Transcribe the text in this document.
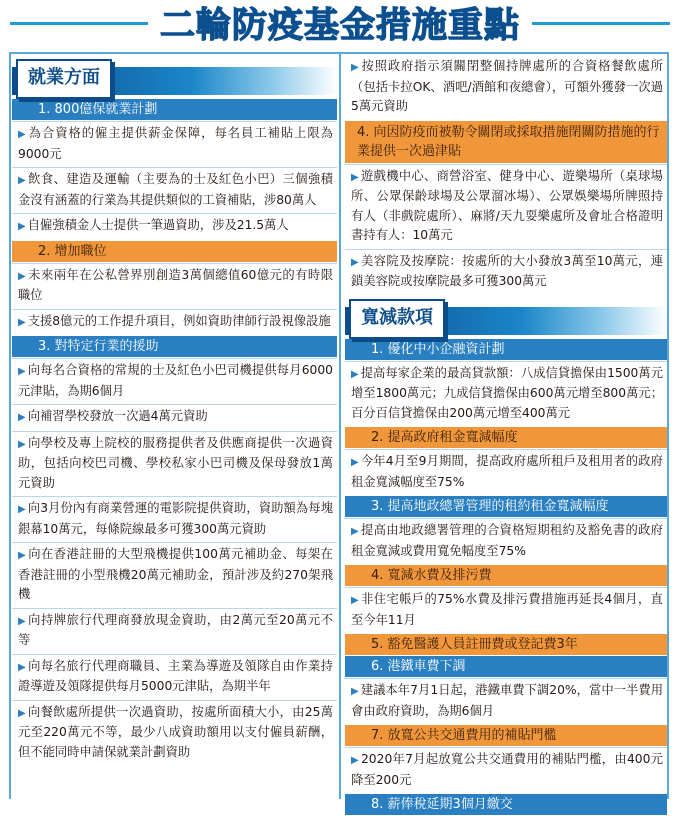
二輪防疫基金措施重點
就業方面
1. 800億保就業計劃
▶ 為合資格的僱主提供薪金保障，每名員工補貼上限為9000元
▶ 飲食、建造及運輸（主要為的士及紅色小巴）三個強積金沒有涵蓋的行業為其提供類似的工資補貼，涉80萬人
▶ 自僱強積金人士提供一筆過資助，涉及21.5萬人
2. 增加職位
▶ 未來兩年在公私營界別創造3萬個總值60億元的有時限職位
▶ 支援8億元的工作提升項目，例如資助律師行設視像設施
3. 對特定行業的援助
▶ 向每名合資格的常規的士及紅色小巴司機提供每月6000元津貼，為期6個月
▶ 向補習學校發放一次過4萬元資助
▶ 向學校及專上院校的服務提供者及供應商提供一次過資助，包括向校巴司機、學校私家小巴司機及保母發放1萬元資助
▶ 向3月份內有商業營運的電影院提供資助，資助額為每塊銀幕10萬元，每條院線最多可獲300萬元資助
▶ 向在香港註冊的大型飛機提供100萬元補助金、每架在香港註冊的小型飛機20萬元補助金，預計涉及約270架飛機
▶ 向持牌旅行代理商發放現金資助，由2萬元至20萬元不等
▶ 向每名旅行代理商職員、主業為導遊及領隊自由作業持證導遊及領隊提供每月5000元津貼，為期半年
▶ 向餐飲處所提供一次過資助，按處所面積大小，由25萬元至220萬元不等，最少八成資助額用以支付僱員薪酬，但不能同時申請保就業計劃資助
▶ 按照政府指示須關閉整個持牌處所的合資格餐飲處所（包括卡拉OK、酒吧/酒館和夜總會），可額外獲發一次過5萬元資助
4. 向因防疫而被勒令關閉或採取措施閉關防措施的行業提供一次過津貼
▶ 遊戲機中心、商營浴室、健身中心、遊樂場所（桌球場所、公眾保齡球場及公眾溜冰場）、公眾娛樂場所牌照持有人（非戲院處所）、麻將/天九耍樂處所及會址合格證明書持有人：10萬元
▶ 美容院及按摩院：按處所的大小發放3萬至10萬元，連鎖美容院或按摩院最多可獲300萬元
寬減款項
1. 優化中小企融資計劃
▶ 提高每家企業的最高貸款額：八成信貸擔保由1500萬元增至1800萬元；九成信貸擔保由600萬元增至800萬元；百分百信貸擔保由200萬元增至400萬元
2. 提高政府租金寬減幅度
▶ 今年4月至9月期間，提高政府處所租戶及租用者的政府租金寬減幅度至75%
3. 提高地政總署管理的租約租金寬減幅度
▶ 提高由地政總署管理的合資格短期租約及豁免書的政府租金寬減或費用寬免幅度至75%
4. 寬減水費及排污費
▶ 非住宅帳戶的75%水費及排污費措施再延長4個月，直至今年11月
5. 豁免醫護人員註冊費或登記費3年
6. 港鐵車費下調
▶ 建議本年7月1日起，港鐵車費下調20%，當中一半費用會由政府資助，為期6個月
7. 放寬公共交通費用的補貼門檻
▶ 2020年7月起放寬公共交通費用的補貼門檻，由400元降至200元
8. 薪俸稅延期3個月繳交
